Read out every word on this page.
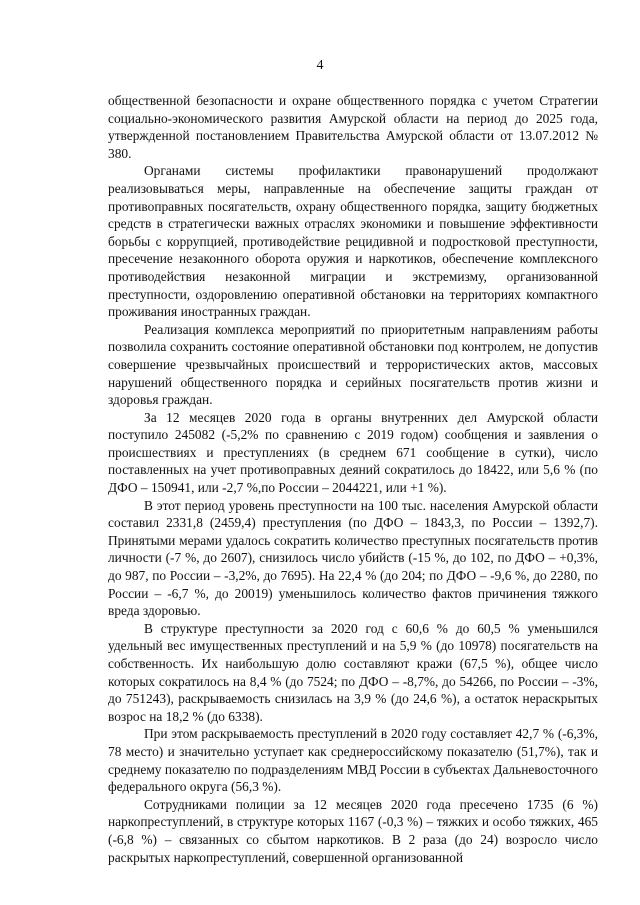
4

общественной безопасности и охране общественного порядка с учетом Стратегии социально-экономического развития Амурской области на период до 2025 года, утвержденной постановлением Правительства Амурской области от 13.07.2012 № 380.

Органами системы профилактики правонарушений продолжают реализовываться меры, направленные на обеспечение защиты граждан от противоправных посягательств, охрану общественного порядка, защиту бюджетных средств в стратегически важных отраслях экономики и повышение эффективности борьбы с коррупцией, противодействие рецидивной и подростковой преступности, пресечение незаконного оборота оружия и наркотиков, обеспечение комплексного противодействия незаконной миграции и экстремизму, организованной преступности, оздоровлению оперативной обстановки на территориях компактного проживания иностранных граждан.

Реализация комплекса мероприятий по приоритетным направлениям работы позволила сохранить состояние оперативной обстановки под контролем, не допустив совершение чрезвычайных происшествий и террористических актов, массовых нарушений общественного порядка и серийных посягательств против жизни и здоровья граждан.

За 12 месяцев 2020 года в органы внутренних дел Амурской области поступило 245082 (-5,2% по сравнению с 2019 годом) сообщения и заявления о происшествиях и преступлениях (в среднем 671 сообщение в сутки), число поставленных на учет противоправных деяний сократилось до 18422, или 5,6 % (по ДФО – 150941, или -2,7 %,по России – 2044221, или +1 %).

В этот период уровень преступности на 100 тыс. населения Амурской области составил 2331,8 (2459,4) преступления (по ДФО – 1843,3, по России – 1392,7). Принятыми мерами удалось сократить количество преступных посягательств против личности (-7 %, до 2607), снизилось число убийств (-15 %, до 102, по ДФО – +0,3%, до 987, по России – -3,2%, до 7695). На 22,4 % (до 204; по ДФО – -9,6 %, до 2280, по России – -6,7 %, до 20019) уменьшилось количество фактов причинения тяжкого вреда здоровью.

В структуре преступности за 2020 год с 60,6 % до 60,5 % уменьшился удельный вес имущественных преступлений и на 5,9 % (до 10978) посягательств на собственность. Их наибольшую долю составляют кражи (67,5 %), общее число которых сократилось на 8,4 % (до 7524; по ДФО – -8,7%, до 54266, по России – -3%, до 751243), раскрываемость снизилась на 3,9 % (до 24,6 %), а остаток нераскрытых возрос на 18,2 % (до 6338).

При этом раскрываемость преступлений в 2020 году составляет 42,7 % (-6,3%, 78 место) и значительно уступает как среднероссийскому показателю (51,7%), так и среднему показателю по подразделениям МВД России в субъектах Дальневосточного федерального округа (56,3 %).

Сотрудниками полиции за 12 месяцев 2020 года пресечено 1735 (6 %) наркопреступлений, в структуре которых 1167 (-0,3 %) – тяжких и особо тяжких, 465 (-6,8 %) – связанных со сбытом наркотиков. В 2 раза (до 24) возросло число раскрытых наркопреступлений, совершенной организованной
